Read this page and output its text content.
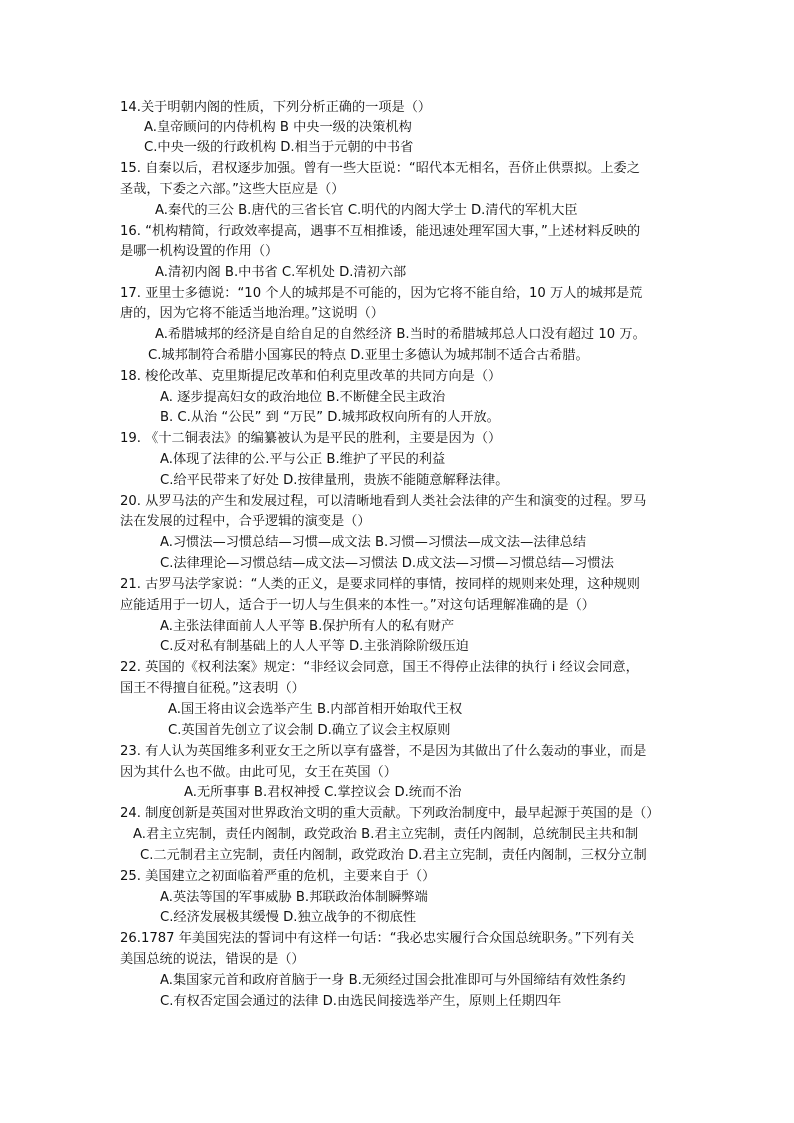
14.关于明朝内阁的性质，下列分析正确的一项是（）
A.皇帝顾问的内侍机构 B 中央一级的决策机构
C.中央一级的行政机构 D.相当于元朝的中书省
15. 自秦以后，君权逐步加强。曾有一些大臣说：“昭代本无相名，吾侪止供票拟。上委之
圣哉，下委之六部。”这些大臣应是（）
A.秦代的三公 B.唐代的三省长官 C.明代的内阁大学士 D.清代的军机大臣
16. “机构精简，行政效率提高，遇事不互相推诿，能迅速处理军国大事，”上述材料反映的
是哪一机构设置的作用（）
A.清初内阁 B.中书省 C.军机处 D.清初六部
17. 亚里士多德说：“10 个人的城邦是不可能的，因为它将不能自给，10 万人的城邦是荒
唐的，因为它将不能适当地治理。”这说明（）
A.希腊城邦的经济是自给自足的自然经济 B.当时的希腊城邦总人口没有超过 10 万。
C.城邦制符合希腊小国寡民的特点 D.亚里士多德认为城邦制不适合古希腊。
18. 梭伦改革、克里斯提尼改革和伯利克里改革的共同方向是（）
A. 逐步提高妇女的政治地位 B.不断健全民主政治
B. C.从治 “公民” 到 “万民” D.城邦政权向所有的人开放。
19. 《十二铜表法》的编纂被认为是平民的胜利，主要是因为（）
A.体现了法律的公.平与公正 B.维护了平民的利益
C.给平民带来了好处 D.按律量刑，贵族不能随意解释法律。
20. 从罗马法的产生和发展过程，可以清晰地看到人类社会法律的产生和演变的过程。罗马
法在发展的过程中，合乎逻辑的演变是（）
A.习惯法—习惯总结—习惯—成文法 B.习惯—习惯法—成文法—法律总结
C.法律理论—习惯总结—成文法—习惯法 D.成文法—习惯—习惯总结—习惯法
21. 古罗马法学家说：“人类的正义，是要求同样的事情，按同样的规则来处理，这种规则
应能适用于一切人，适合于一切人与生俱来的本性一。”对这句话理解准确的是（）
A.主张法律面前人人平等 B.保护所有人的私有财产
C.反对私有制基础上的人人平等 D.主张消除阶级压迫
22. 英国的《权利法案》规定：“非经议会同意，国王不得停止法律的执行 i 经议会同意，
国王不得擅自征税。”这表明（）
A.国王将由议会选举产生 B.内部首相开始取代王权
C.英国首先创立了议会制 D.确立了议会主权原则
23. 有人认为英国维多利亚女王之所以享有盛誉，不是因为其做出了什么轰动的事业，而是
因为其什么也不做。由此可见，女王在英国（）
A.无所事事 B.君权神授 C.掌控议会 D.统而不治
24. 制度创新是英国对世界政治文明的重大贡献。下列政治制度中，最早起源于英国的是（）
A.君主立宪制，责任内阁制，政党政治 B.君主立宪制，责任内阁制，总统制民主共和制
C.二元制君主立宪制，责任内阁制，政党政治 D.君主立宪制，责任内阁制，三权分立制
25. 美国建立之初面临着严重的危机，主要来自于（）
A.英法等国的军事威胁 B.邦联政治体制瞬弊端
C.经济发展极其缓慢 D.独立战争的不彻底性
26.1787 年美国宪法的誓词中有这样一句话：“我必忠实履行合众国总统职务。”下列有关
美国总统的说法，错误的是（）
A.集国家元首和政府首脑于一身 B.无须经过国会批准即可与外国缔结有效性条约
C.有权否定国会通过的法律 D.由选民间接选举产生，原则上任期四年
